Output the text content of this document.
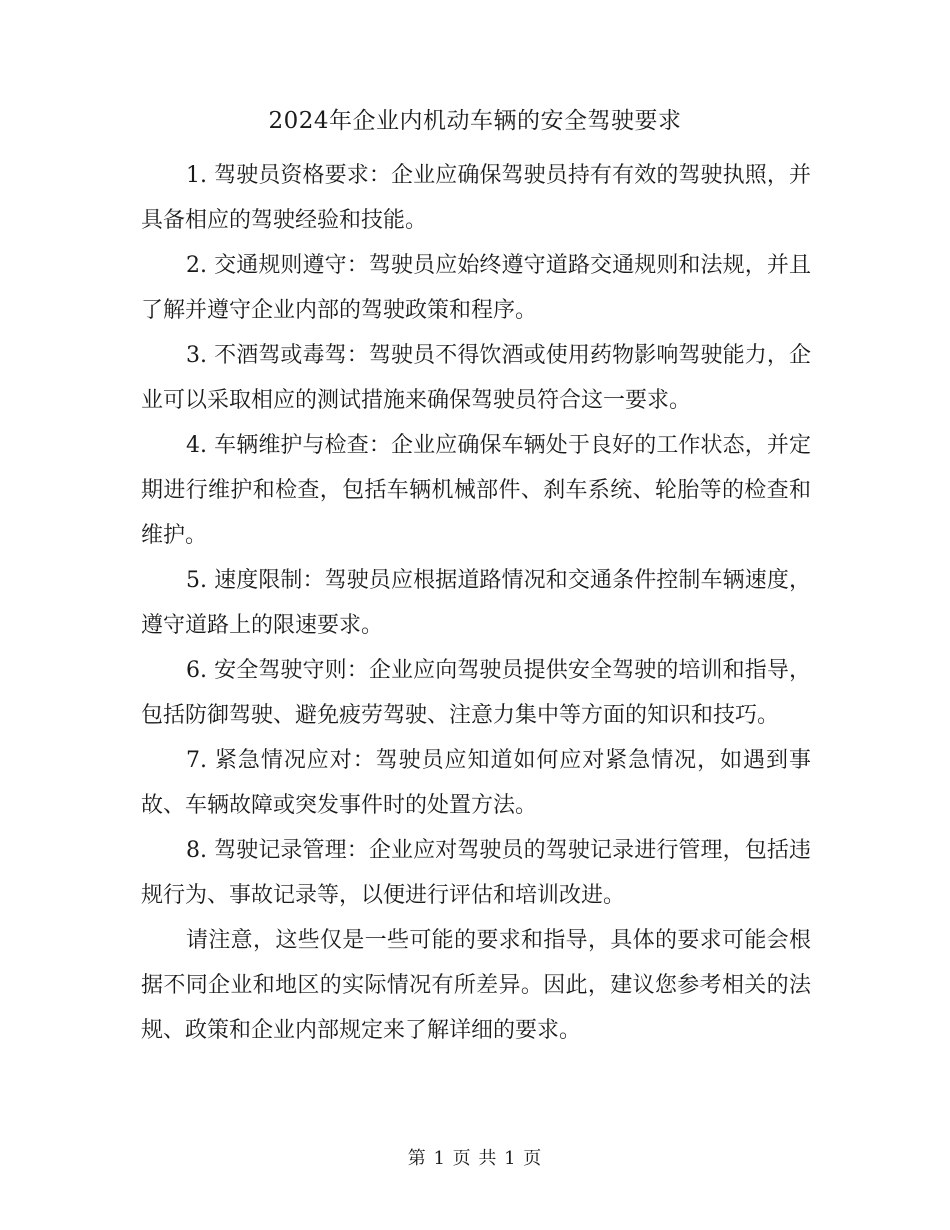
2024年企业内机动车辆的安全驾驶要求

1. 驾驶员资格要求：企业应确保驾驶员持有有效的驾驶执照，并具备相应的驾驶经验和技能。

2. 交通规则遵守：驾驶员应始终遵守道路交通规则和法规，并且了解并遵守企业内部的驾驶政策和程序。

3. 不酒驾或毒驾：驾驶员不得饮酒或使用药物影响驾驶能力，企业可以采取相应的测试措施来确保驾驶员符合这一要求。

4. 车辆维护与检查：企业应确保车辆处于良好的工作状态，并定期进行维护和检查，包括车辆机械部件、刹车系统、轮胎等的检查和维护。

5. 速度限制：驾驶员应根据道路情况和交通条件控制车辆速度，遵守道路上的限速要求。

6. 安全驾驶守则：企业应向驾驶员提供安全驾驶的培训和指导，包括防御驾驶、避免疲劳驾驶、注意力集中等方面的知识和技巧。

7. 紧急情况应对：驾驶员应知道如何应对紧急情况，如遇到事故、车辆故障或突发事件时的处置方法。

8. 驾驶记录管理：企业应对驾驶员的驾驶记录进行管理，包括违规行为、事故记录等，以便进行评估和培训改进。

请注意，这些仅是一些可能的要求和指导，具体的要求可能会根据不同企业和地区的实际情况有所差异。因此，建议您参考相关的法规、政策和企业内部规定来了解详细的要求。

第 1 页 共 1 页
